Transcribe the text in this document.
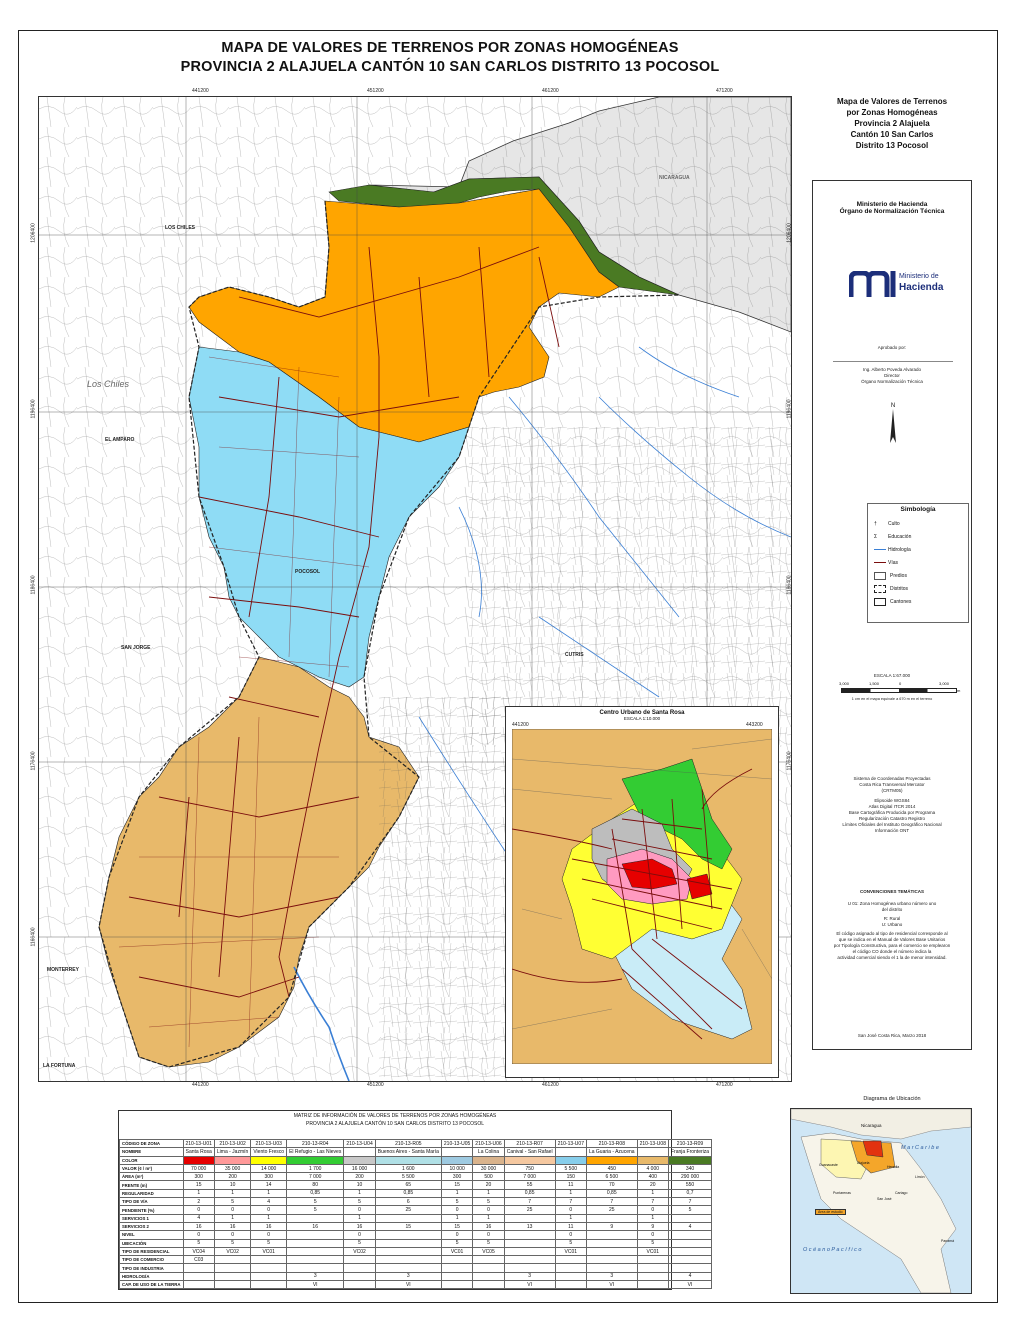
MAPA DE VALORES DE TERRENOS POR ZONAS HOMOGÉNEAS
PROVINCIA 2 ALAJUELA CANTÓN 10 SAN CARLOS DISTRITO 13 POCOSOL
NICARAGUA
LOS CHILES
Los Chiles
EL AMPARO
POCOSOL
SAN JORGE
CUTRIS
MONTERREY
LA FORTUNA
441200	451200	461200	471200
441200	451200	461200	471200
1206400
1196400
1186400
1176400
1166400
1206400
1196400
1186400
1176400
Centro Urbano de Santa Rosa
ESCALA 1:10.000
441200	443200
Mapa de Valores de Terrenos
por Zonas Homogéneas
Provincia 2 Alajuela
Cantón 10 San Carlos
Distrito 13 Pocosol
Ministerio de Hacienda
Órgano de Normalización Técnica
Ministerio de
Hacienda
Aprobado por:
Ing. Alberto Poveda Alvarado
Director
Órgano Normalización Técnica
N
Simbología
† Culto
Σ Educación
Hidrología
Vías
Predios
Distritos
Cantones
ESCALA 1:67.000
3,000	1,500	0	3,000
m
1 cm en el mapa equivale a 670 m en el terreno
Sistema de Coordenadas Proyectadas
Costa Rica Transversal Mercator
(CRTM05)
Elipsoide WGS84
Atlas Digital ITCR 2014
Base Cartográfica Producida por Programa
Regularización Catastro Registro
Límites Oficiales del Instituto Geográfico Nacional
Información ONT
CONVENCIONES TEMÁTICAS
U 01: Zona Homogénea urbano número uno
del distrito
R: Rural
U: Urbano
El código asignado al tipo de residencial corresponde al
que se indica en el Manual de Valores Base Unitarios
por Tipología Constructiva, para el comercio se emplearon
el código CO donde el número indica la
actividad comercial siendo el 1 la de menor intensidad.
San José Costa Rica, Marzo 2018
Diagrama de Ubicación
Nicaragua
M a r C a r i b e
O c é a n o P a c í f i c o
Alajuela
Heredia
Limón
Guanacaste
Cartago
Puntarenas
San José
Panamá
Área de estudio
MATRIZ DE INFORMACIÓN DE VALORES DE TERRENOS POR ZONAS HOMOGÉNEAS
PROVINCIA 2 ALAJUELA CANTÓN 10 SAN CARLOS DISTRITO 13 POCOSOL
CÓDIGO DE ZONA	210-13-U01	210-13-U02	210-13-U03	210-13-R04	210-13-U04	210-13-R05	210-13-U05	210-13-U06	210-13-R07	210-13-U07	210-13-R08	210-13-U08	210-13-R09
NOMBRE	Santa Rosa	Lima - Jazmín	Viento Fresco	El Refugio - Las Nieves		Buenos Aires - Santa María		La Colina	Canival - San Rafael		La Guaria - Azucena		Franja Fronteriza
COLOR													
VALOR (¢ / m²)	70 000	35 000	14 000	1 700	16 000	1 600	10 000	30 000	750	5 500	450	4 000	340
ÁREA (m²)	300	200	300	7 000	200	5 500	300	500	7 000	150	6 500	400	290 000
FRENTE (m)	15	10	14	80	10	65	15	20	55	11	70	20	550
REGULARIDAD	1	1	1	0,85	1	0,85	1	1	0,85	1	0,85	1	0,7
TIPO DE VÍA	2	5	4	5	5	6	5	5	7	7	7	7	7
PENDIENTE (%)	0	0	0	5	0	25	0	0	25	0	25	0	5
SERVICIOS 1	4	1	1		1		1	1		1		1	
SERVICIOS 2	16	16	16	16	16	15	15	16	13	11	9	9	4
NIVEL	0	0	0		0		0	0		0		0	
UBICACIÓN	5	5	5		5		5	5		5		5	
TIPO DE RESIDENCIAL	VC04	VC02	VC01		VC02		VC01	VC05		VC01		VC01	
TIPO DE COMERCIO	C03												
TIPO DE INDUSTRIA													
HIDROLOGÍA				3		3			3		3		4
CAP. DE USO DE LA TIERRA				VI		VI			VI		VI		VI
